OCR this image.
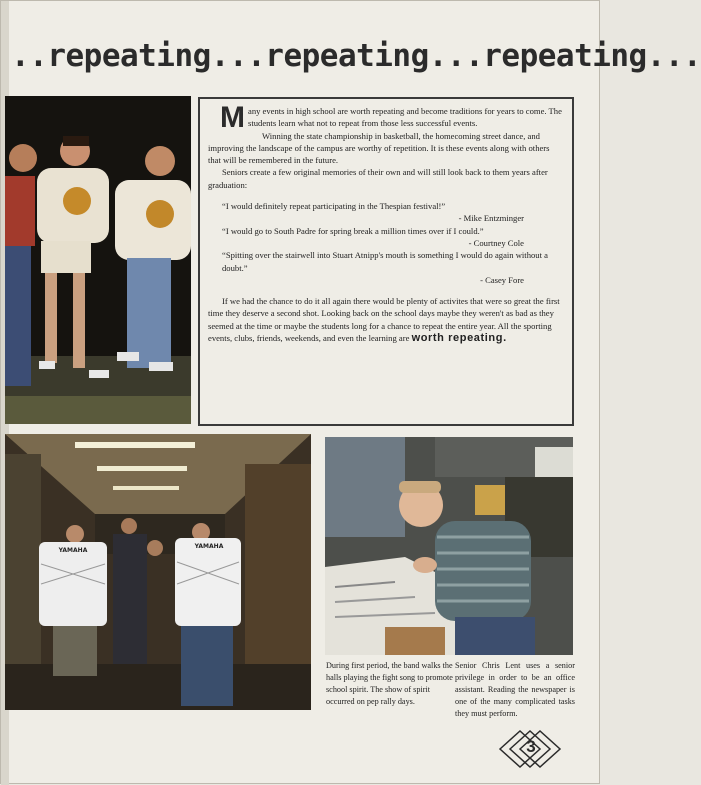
..repeating...repeating...repeating...
M any events in high school are worth repeating and become traditions for years to come. The students learn what not to repeat from those less successful events.

Winning the state championship in basketball, the homecoming street dance, and improving the landscape of the campus are worthy of repetition. It is these events along with others that will be remembered in the future.

Seniors create a few original memories of their own and will still look back to them years after graduation:

“I would definitely repeat participating in the Thespian festival!”

- Mike Entzminger

“I would go to South Padre for spring break a million times over if I could.”

- Courtney Cole

“Spitting over the stairwell into Stuart Atnipp's mouth is something I would do again without a doubt.”

- Casey Fore

If we had the chance to do it all again there would be plenty of activites that were so great the first time they deserve a second shot. Looking back on the school days maybe they weren't as bad as they seemed at the time or maybe the students long for a chance to repeat the entire year. All the sporting events, clubs, friends, weekends, and even the learning are worth repeating.

YAMAHA
YAMAHA
During first period, the band walks the halls playing the fight song to promote school spirit. The show of spirit occurred on pep rally days.
Senior Chris Lent uses a senior privilege in order to be an office assistant. Reading the newspaper is one of the many complicated tasks they must perform.
3
